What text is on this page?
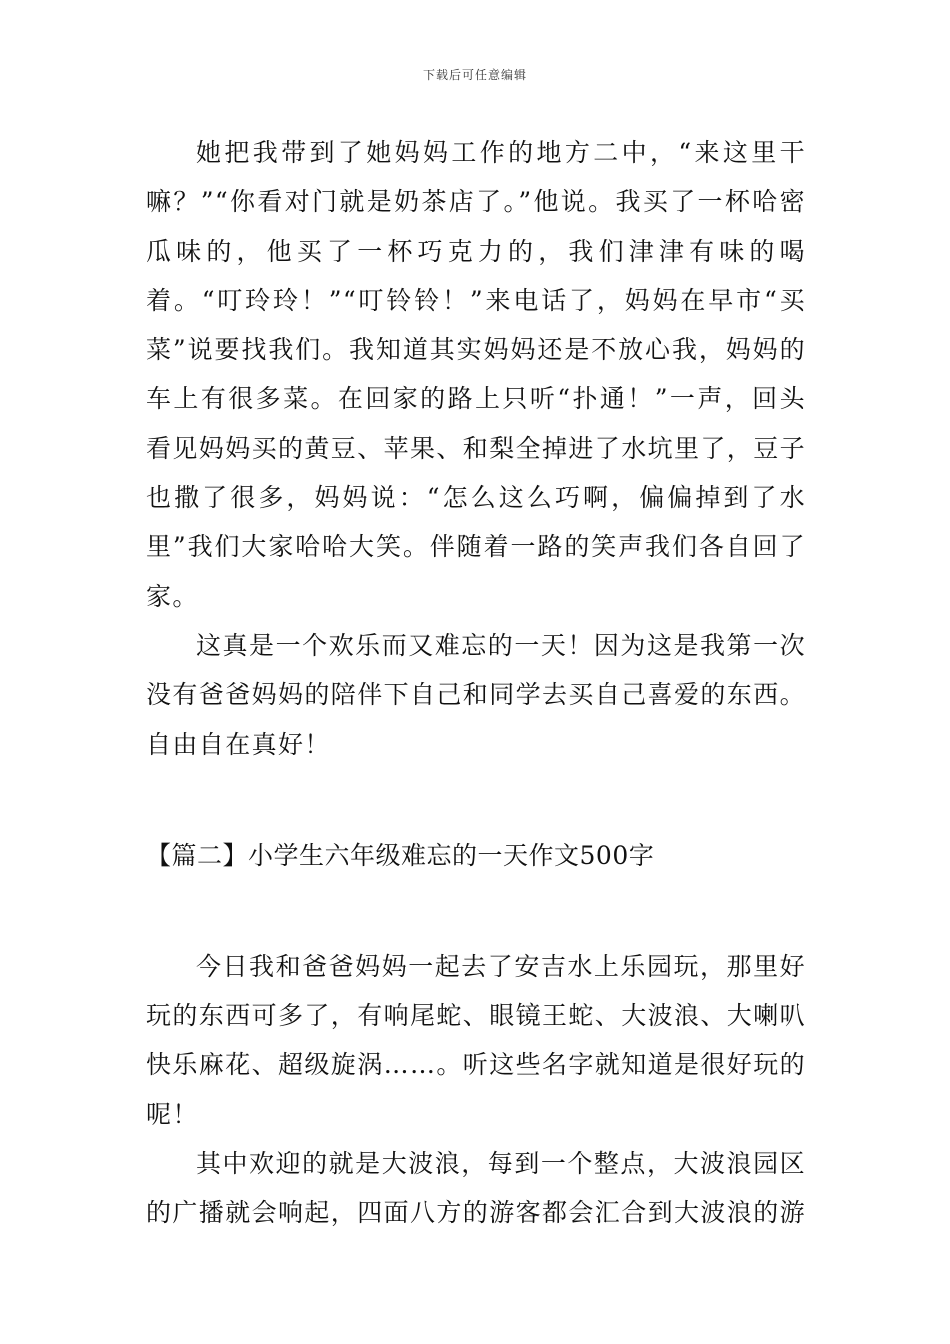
下载后可任意编辑

她把我带到了她妈妈工作的地方二中，“来这里干嘛？”“你看对门就是奶茶店了。”他说。我买了一杯哈密瓜味的，他买了一杯巧克力的，我们津津有味的喝着。“叮玲玲！”“叮铃铃！”来电话了，妈妈在早市“买菜”说要找我们。我知道其实妈妈还是不放心我，妈妈的车上有很多菜。在回家的路上只听“扑通！”一声，回头看见妈妈买的黄豆、苹果、和梨全掉进了水坑里了，豆子也撒了很多，妈妈说：“怎么这么巧啊，偏偏掉到了水里”我们大家哈哈大笑。伴随着一路的笑声我们各自回了家。

这真是一个欢乐而又难忘的一天！因为这是我第一次没有爸爸妈妈的陪伴下自己和同学去买自己喜爱的东西。自由自在真好！

【篇二】小学生六年级难忘的一天作文500字

今日我和爸爸妈妈一起去了安吉水上乐园玩，那里好玩的东西可多了，有响尾蛇、眼镜王蛇、大波浪、大喇叭快乐麻花、超级旋涡……。听这些名字就知道是很好玩的呢！

其中欢迎的就是大波浪，每到一个整点，大波浪园区的广播就会响起，四面八方的游客都会汇合到大波浪的游
